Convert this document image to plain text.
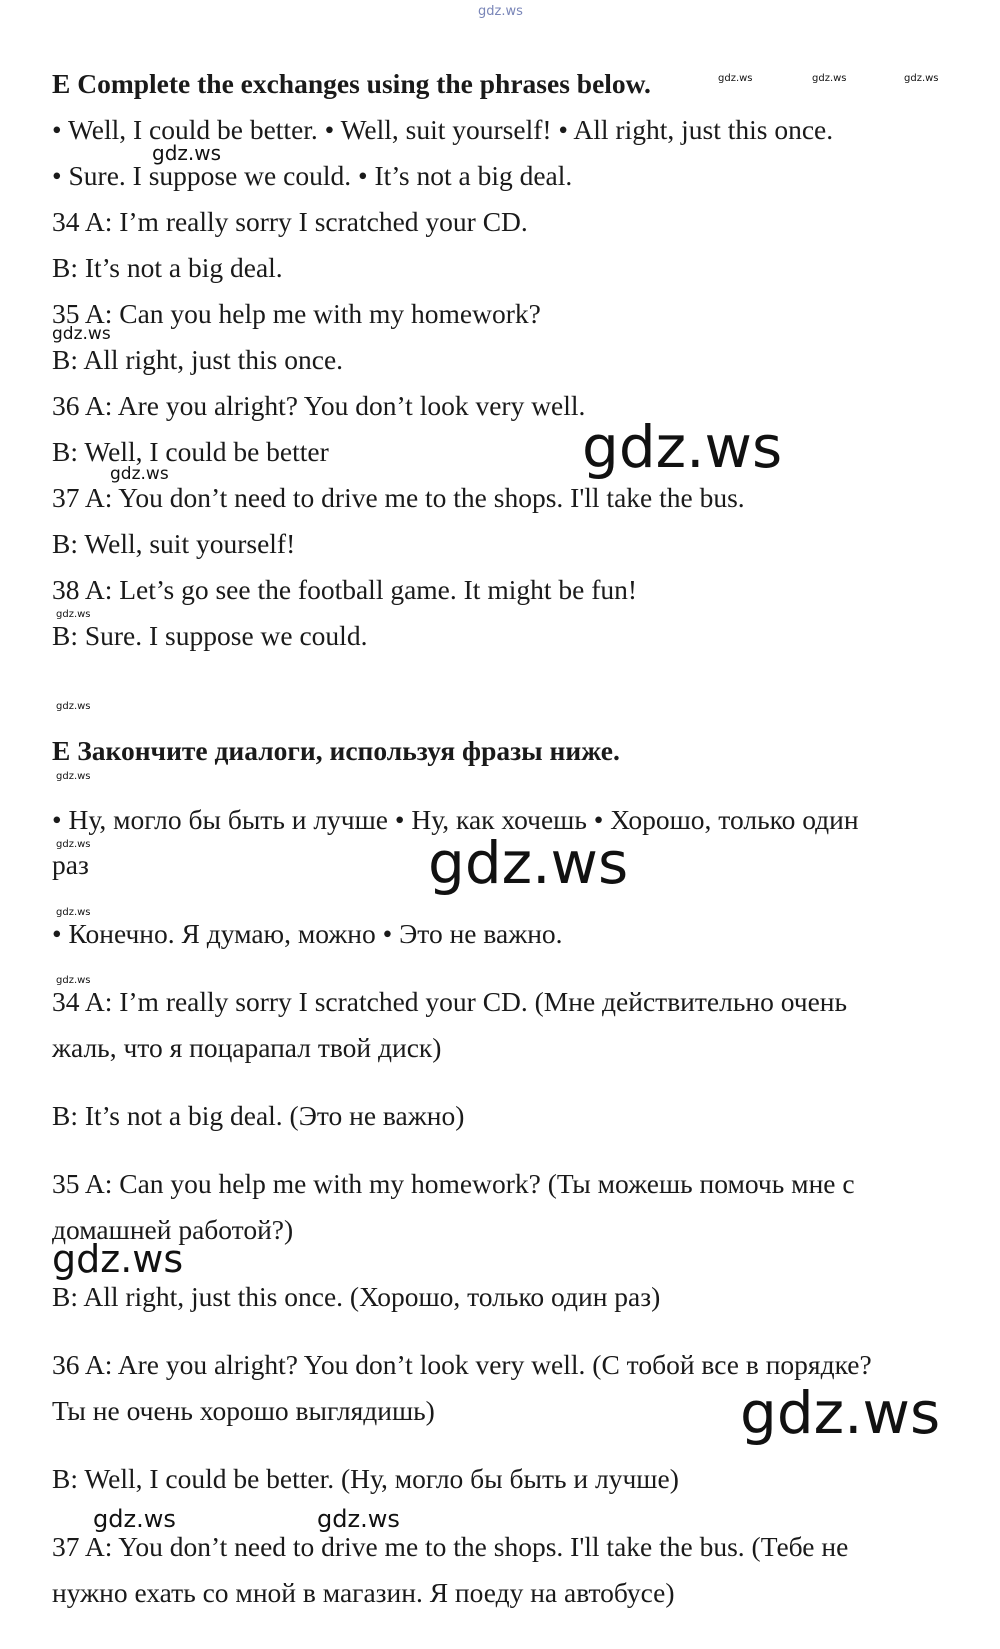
gdz.ws
gdz.ws	gdz.ws	gdz.ws
gdz.ws
gdz.ws
gdz.ws
gdz.ws
gdz.ws
gdz.ws
gdz.ws
gdz.ws	gdz.ws
gdz.ws
gdz.ws
gdz.ws
gdz.ws
gdz.ws	gdz.ws
E Complete the exchanges using the phrases below.
• Well, I could be better. • Well, suit yourself! • All right, just this once.
• Sure. I suppose we could. • It’s not a big deal.
34 A: I’m really sorry I scratched your CD.
B: It’s not a big deal.
35 A: Can you help me with my homework?
B: All right, just this once.
36 A: Are you alright? You don’t look very well.
B: Well, I could be better
37 A: You don’t need to drive me to the shops. I'll take the bus.
B: Well, suit yourself!
38 A: Let’s go see the football game. It might be fun!
B: Sure. I suppose we could.
E Закончите диалоги, используя фразы ниже.
• Ну, могло бы быть и лучше • Ну, как хочешь • Хорошо, только один
раз
• Конечно. Я думаю, можно • Это не важно.
34 A: I’m really sorry I scratched your CD. (Мне действительно очень
жаль, что я поцарапал твой диск)
B: It’s not a big deal. (Это не важно)
35 A: Can you help me with my homework? (Ты можешь помочь мне с
домашней работой?)
B: All right, just this once. (Хорошо, только один раз)
36 A: Are you alright? You don’t look very well. (С тобой все в порядке?
Ты не очень хорошо выглядишь)
B: Well, I could be better. (Ну, могло бы быть и лучше)
37 A: You don’t need to drive me to the shops. I'll take the bus. (Тебе не
нужно ехать со мной в магазин. Я поеду на автобусе)
